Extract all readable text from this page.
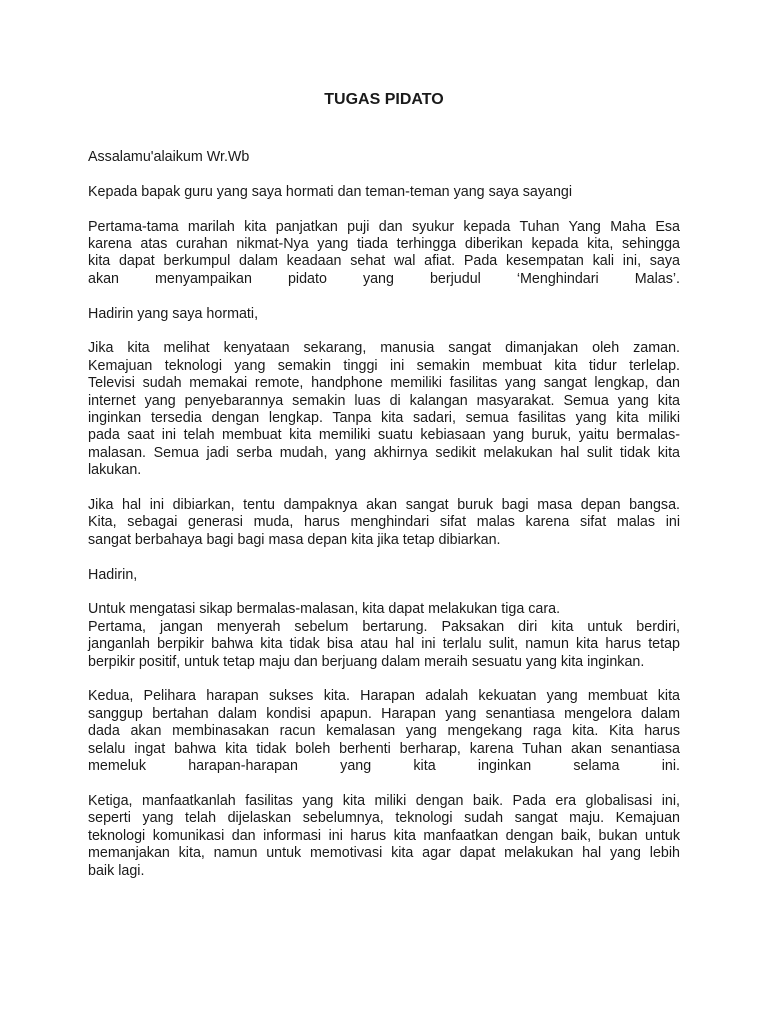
TUGAS PIDATO
Assalamu'alaikum Wr.Wb
Kepada bapak guru yang saya hormati dan teman-teman yang saya sayangi
Pertama-tama marilah kita panjatkan puji dan syukur kepada Tuhan Yang Maha Esa
karena atas curahan nikmat-Nya yang tiada terhingga diberikan kepada kita, sehingga
kita dapat berkumpul dalam keadaan sehat wal afiat. Pada kesempatan kali ini, saya
akan menyampaikan pidato yang berjudul ‘Menghindari Malas’.
Hadirin yang saya hormati,
Jika kita melihat kenyataan sekarang, manusia sangat dimanjakan oleh zaman.
Kemajuan teknologi yang semakin tinggi ini semakin membuat kita tidur terlelap.
Televisi sudah memakai remote, handphone memiliki fasilitas yang sangat lengkap, dan
internet yang penyebarannya semakin luas di kalangan masyarakat. Semua yang kita
inginkan tersedia dengan lengkap. Tanpa kita sadari, semua fasilitas yang kita miliki
pada saat ini telah membuat kita memiliki suatu kebiasaan yang buruk, yaitu bermalas-
malasan. Semua jadi serba mudah, yang akhirnya sedikit melakukan hal sulit tidak kita
lakukan.
Jika hal ini dibiarkan, tentu dampaknya akan sangat buruk bagi masa depan bangsa.
Kita, sebagai generasi muda, harus menghindari sifat malas karena sifat malas ini
sangat berbahaya bagi bagi masa depan kita jika tetap dibiarkan.
Hadirin,
Untuk mengatasi sikap bermalas-malasan, kita dapat melakukan tiga cara.
Pertama, jangan menyerah sebelum bertarung. Paksakan diri kita untuk berdiri,
janganlah berpikir bahwa kita tidak bisa atau hal ini terlalu sulit, namun kita harus tetap
berpikir positif, untuk tetap maju dan berjuang dalam meraih sesuatu yang kita inginkan.
Kedua, Pelihara harapan sukses kita. Harapan adalah kekuatan yang membuat kita
sanggup bertahan dalam kondisi apapun. Harapan yang senantiasa mengelora dalam
dada akan membinasakan racun kemalasan yang mengekang raga kita. Kita harus
selalu ingat bahwa kita tidak boleh berhenti berharap, karena Tuhan akan senantiasa
memeluk harapan-harapan yang kita inginkan selama ini.
Ketiga, manfaatkanlah fasilitas yang kita miliki dengan baik. Pada era globalisasi ini,
seperti yang telah dijelaskan sebelumnya, teknologi sudah sangat maju. Kemajuan
teknologi komunikasi dan informasi ini harus kita manfaatkan dengan baik, bukan untuk
memanjakan kita, namun untuk memotivasi kita agar dapat melakukan hal yang lebih
baik lagi.
